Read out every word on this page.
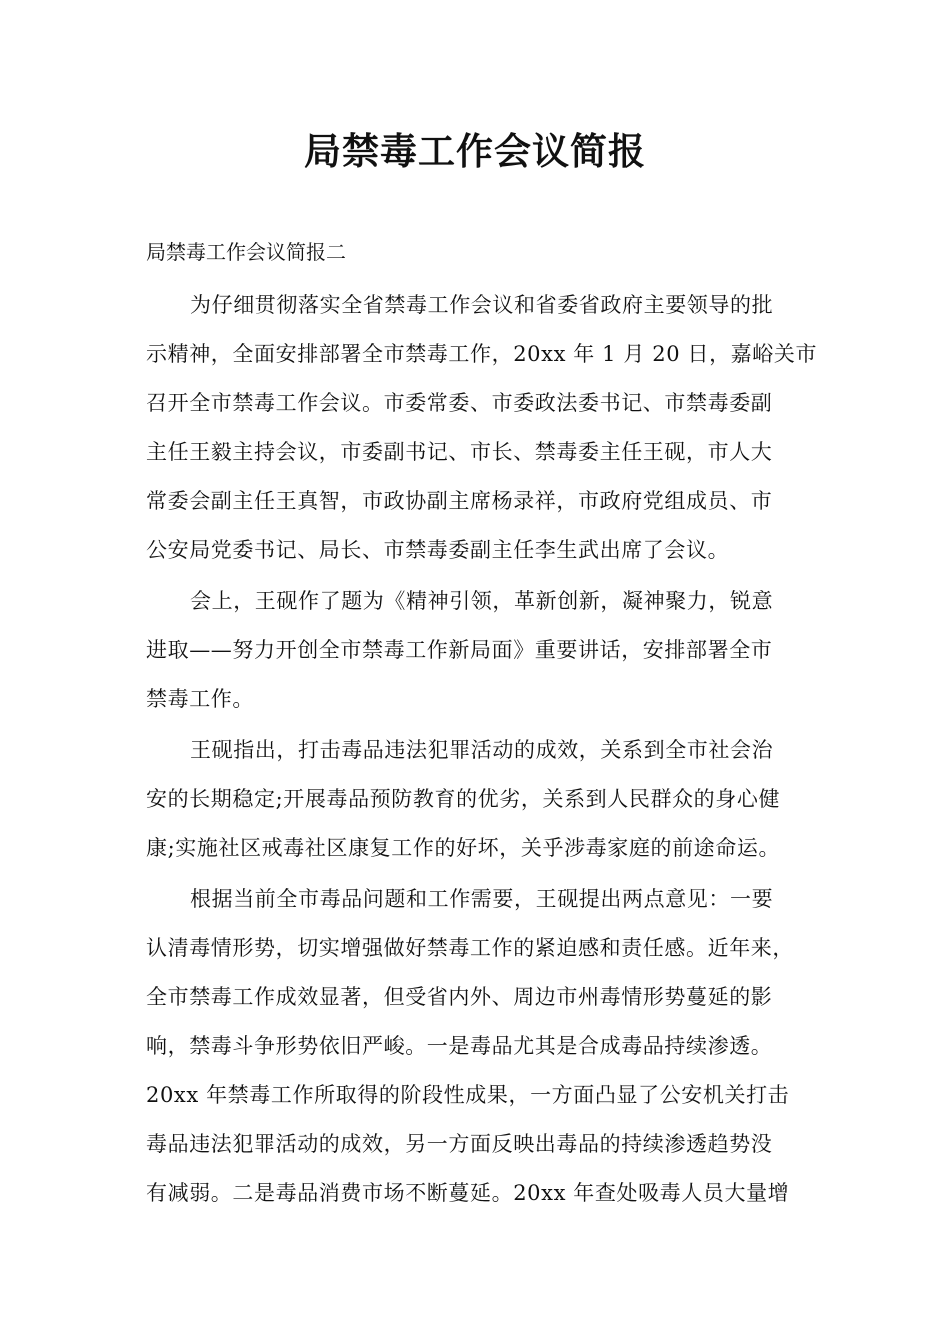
局禁毒工作会议简报

局禁毒工作会议简报二

为仔细贯彻落实全省禁毒工作会议和省委省政府主要领导的批

示精神，全面安排部署全市禁毒工作，20xx 年 1 月 20 日，嘉峪关市

召开全市禁毒工作会议。市委常委、市委政法委书记、市禁毒委副

主任王毅主持会议，市委副书记、市长、禁毒委主任王砚，市人大

常委会副主任王真智，市政协副主席杨录祥，市政府党组成员、市

公安局党委书记、局长、市禁毒委副主任李生武出席了会议。

会上，王砚作了题为《精神引领，革新创新，凝神聚力，锐意

进取——努力开创全市禁毒工作新局面》重要讲话，安排部署全市

禁毒工作。

王砚指出，打击毒品违法犯罪活动的成效，关系到全市社会治

安的长期稳定;开展毒品预防教育的优劣，关系到人民群众的身心健

康;实施社区戒毒社区康复工作的好坏，关乎涉毒家庭的前途命运。

根据当前全市毒品问题和工作需要，王砚提出两点意见：一要

认清毒情形势，切实增强做好禁毒工作的紧迫感和责任感。近年来，

全市禁毒工作成效显著，但受省内外、周边市州毒情形势蔓延的影

响，禁毒斗争形势依旧严峻。一是毒品尤其是合成毒品持续渗透。

20xx 年禁毒工作所取得的阶段性成果，一方面凸显了公安机关打击

毒品违法犯罪活动的成效，另一方面反映出毒品的持续渗透趋势没

有减弱。二是毒品消费市场不断蔓延。20xx 年查处吸毒人员大量增
